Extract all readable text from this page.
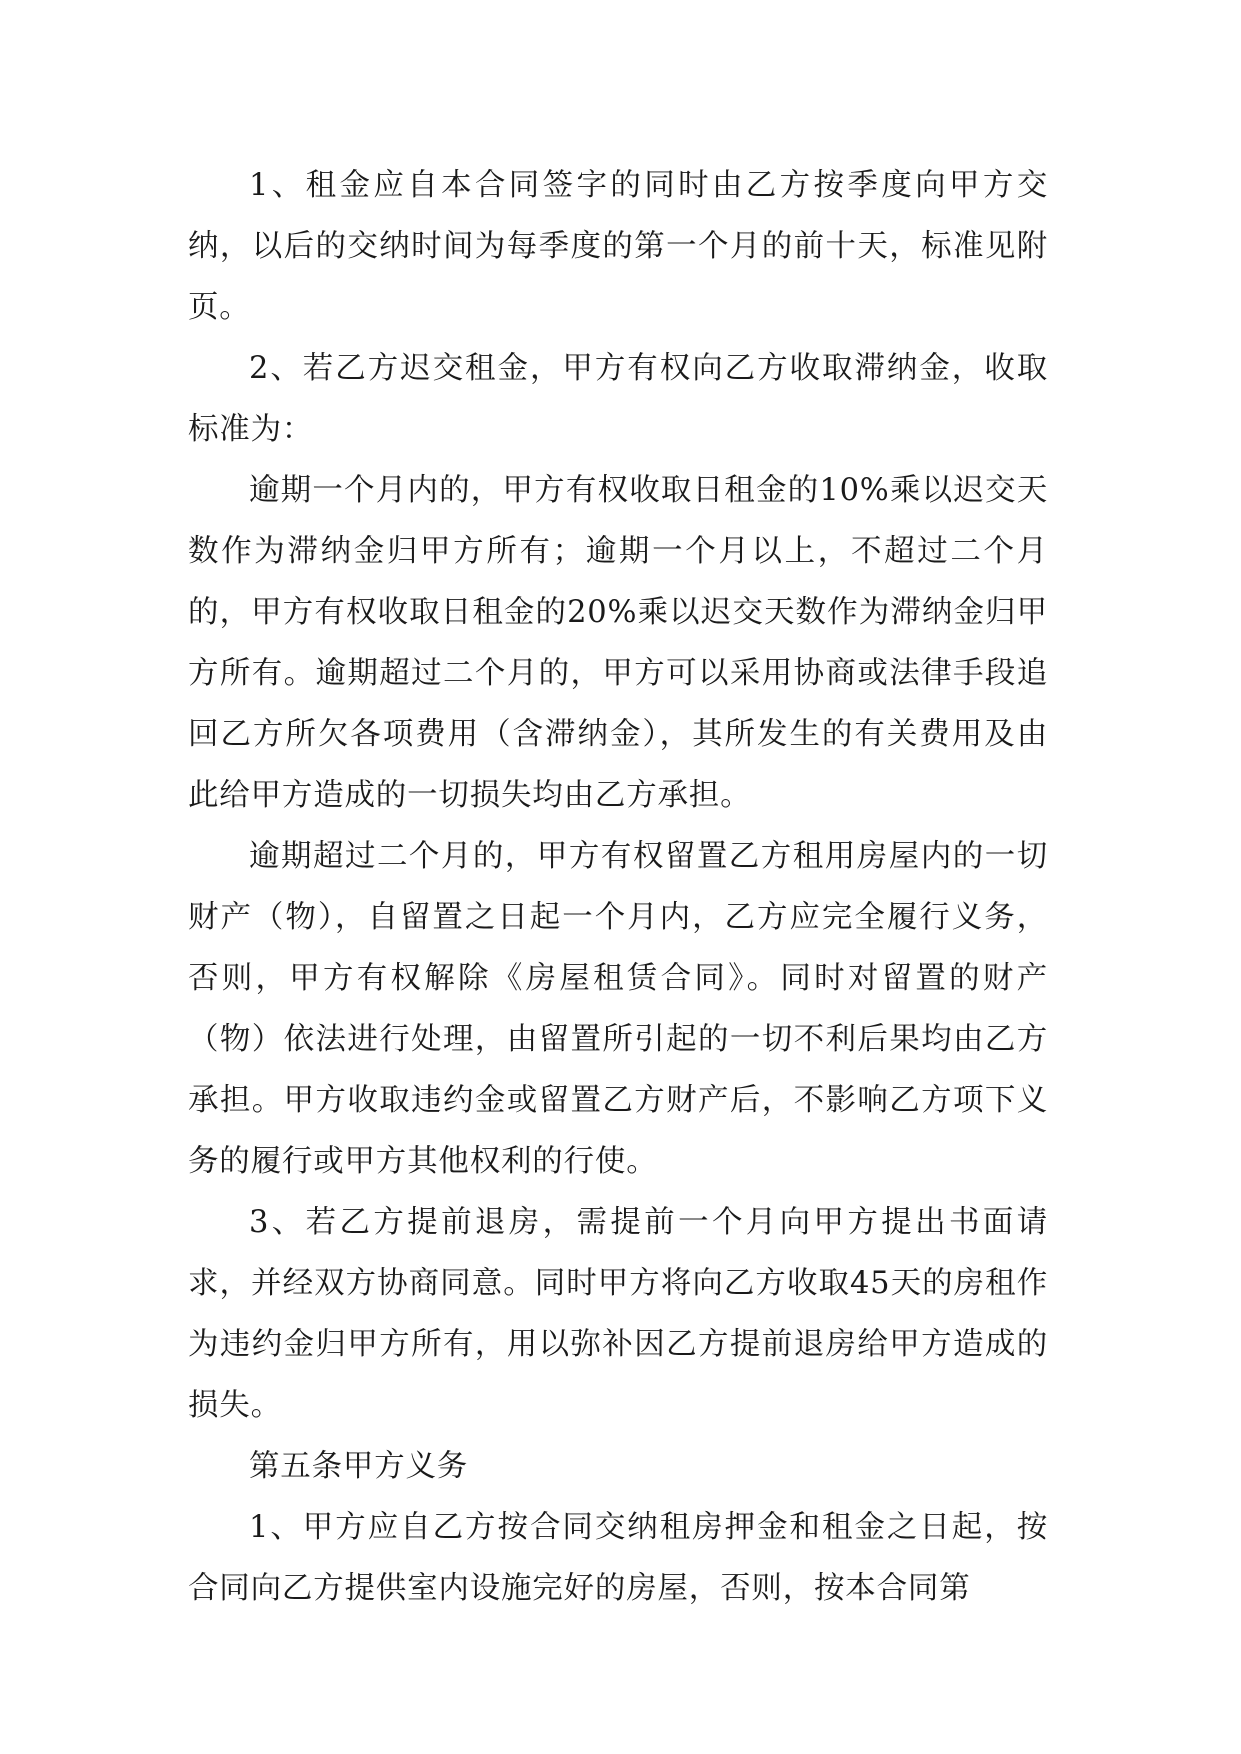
1、租金应自本合同签字的同时由乙方按季度向甲方交纳，以后的交纳时间为每季度的第一个月的前十天，标准见附页。

2、若乙方迟交租金，甲方有权向乙方收取滞纳金，收取标准为：

逾期一个月内的，甲方有权收取日租金的10%乘以迟交天数作为滞纳金归甲方所有；逾期一个月以上，不超过二个月的，甲方有权收取日租金的20%乘以迟交天数作为滞纳金归甲方所有。逾期超过二个月的，甲方可以采用协商或法律手段追回乙方所欠各项费用（含滞纳金），其所发生的有关费用及由此给甲方造成的一切损失均由乙方承担。

逾期超过二个月的，甲方有权留置乙方租用房屋内的一切财产（物），自留置之日起一个月内，乙方应完全履行义务，否则，甲方有权解除《房屋租赁合同》。同时对留置的财产（物）依法进行处理，由留置所引起的一切不利后果均由乙方承担。甲方收取违约金或留置乙方财产后，不影响乙方项下义务的履行或甲方其他权利的行使。

3、若乙方提前退房，需提前一个月向甲方提出书面请求，并经双方协商同意。同时甲方将向乙方收取45天的房租作为违约金归甲方所有，用以弥补因乙方提前退房给甲方造成的损失。

第五条甲方义务

1、甲方应自乙方按合同交纳租房押金和租金之日起，按合同向乙方提供室内设施完好的房屋，否则，按本合同第
